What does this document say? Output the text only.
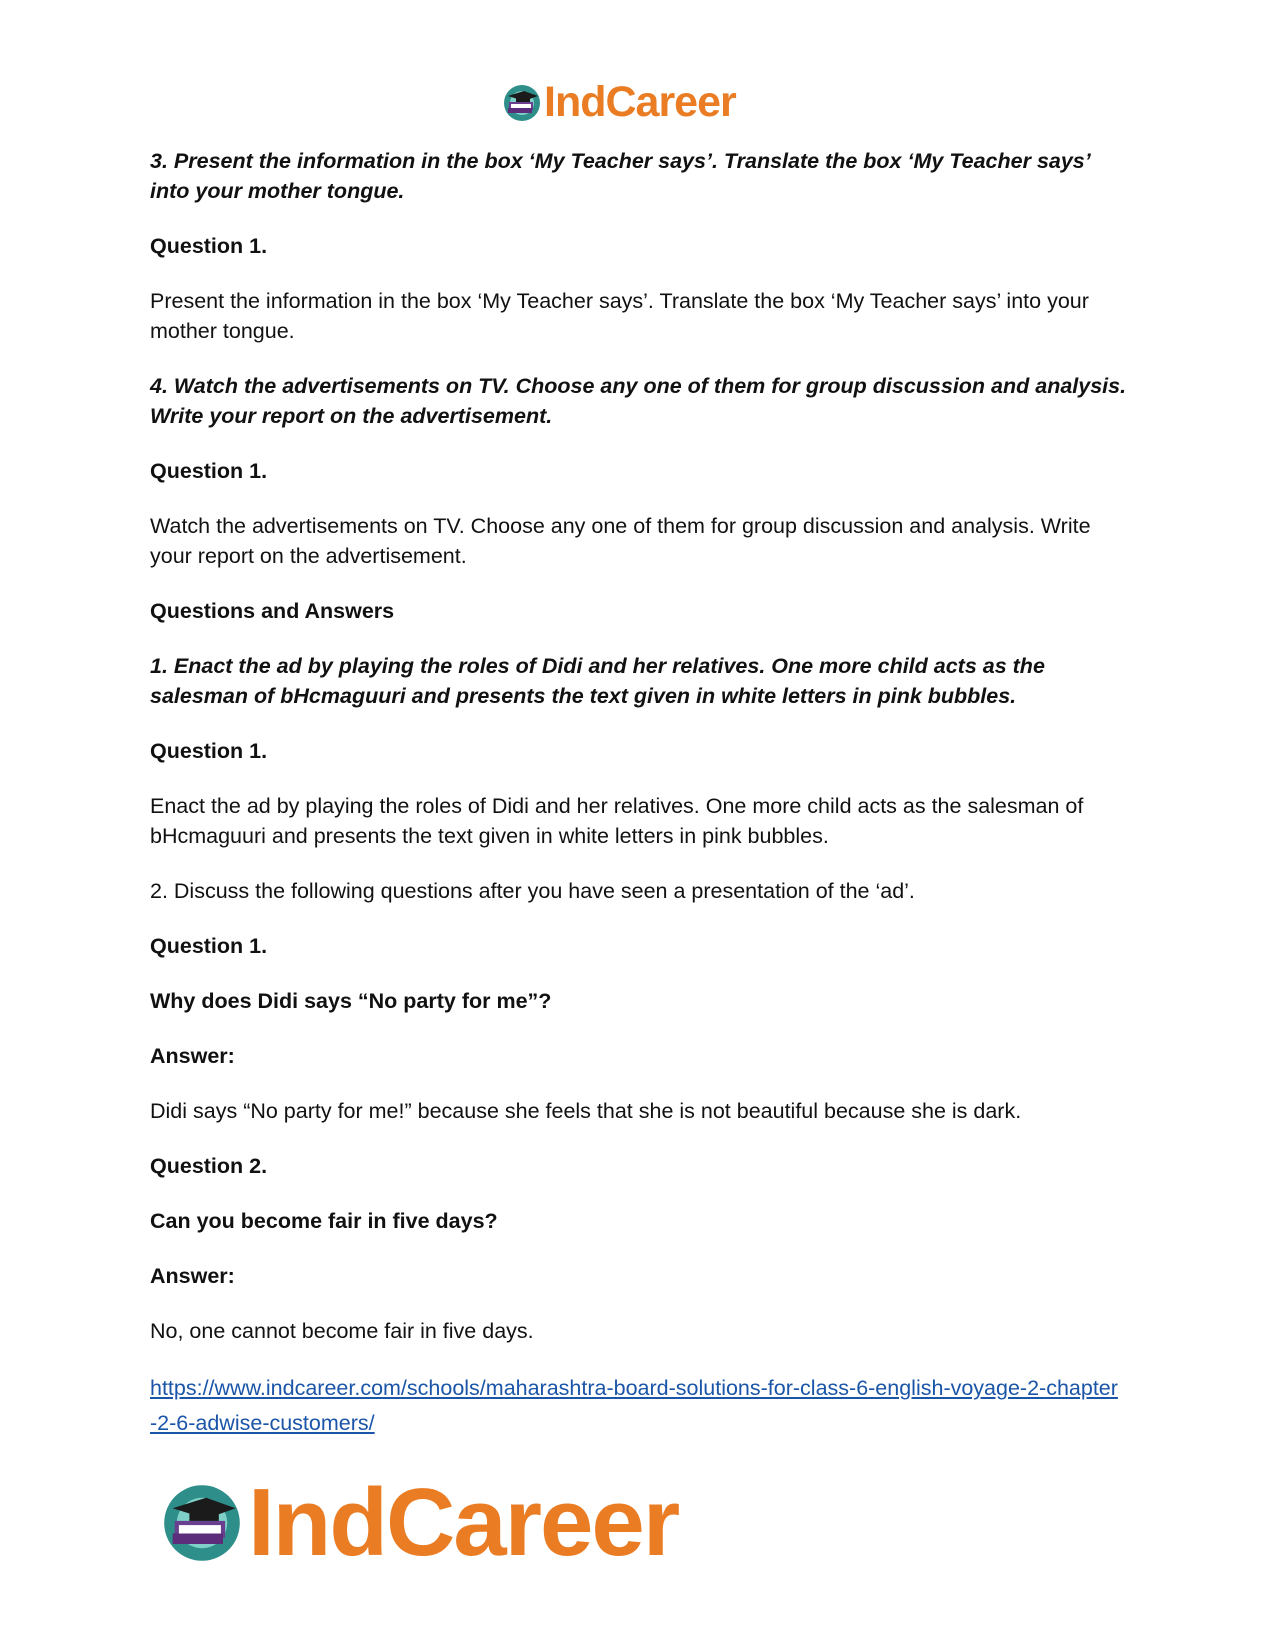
IndCareer

3. Present the information in the box ‘My Teacher says’. Translate the box ‘My Teacher says’ into your mother tongue.

Question 1.

Present the information in the box ‘My Teacher says’. Translate the box ‘My Teacher says’ into your mother tongue.

4. Watch the advertisements on TV. Choose any one of them for group discussion and analysis. Write your report on the advertisement.

Question 1.

Watch the advertisements on TV. Choose any one of them for group discussion and analysis. Write your report on the advertisement.

Questions and Answers

1. Enact the ad by playing the roles of Didi and her relatives. One more child acts as the salesman of bHcmaguuri and presents the text given in white letters in pink bubbles.

Question 1.

Enact the ad by playing the roles of Didi and her relatives. One more child acts as the salesman of bHcmaguuri and presents the text given in white letters in pink bubbles.

2. Discuss the following questions after you have seen a presentation of the ‘ad’.

Question 1.

Why does Didi says “No party for me”?

Answer:

Didi says “No party for me!” because she feels that she is not beautiful because she is dark.

Question 2.

Can you become fair in five days?

Answer:

No, one cannot become fair in five days.

https://www.indcareer.com/schools/maharashtra-board-solutions-for-class-6-english-voyage-2-chapter-2-6-adwise-customers/

IndCareer
